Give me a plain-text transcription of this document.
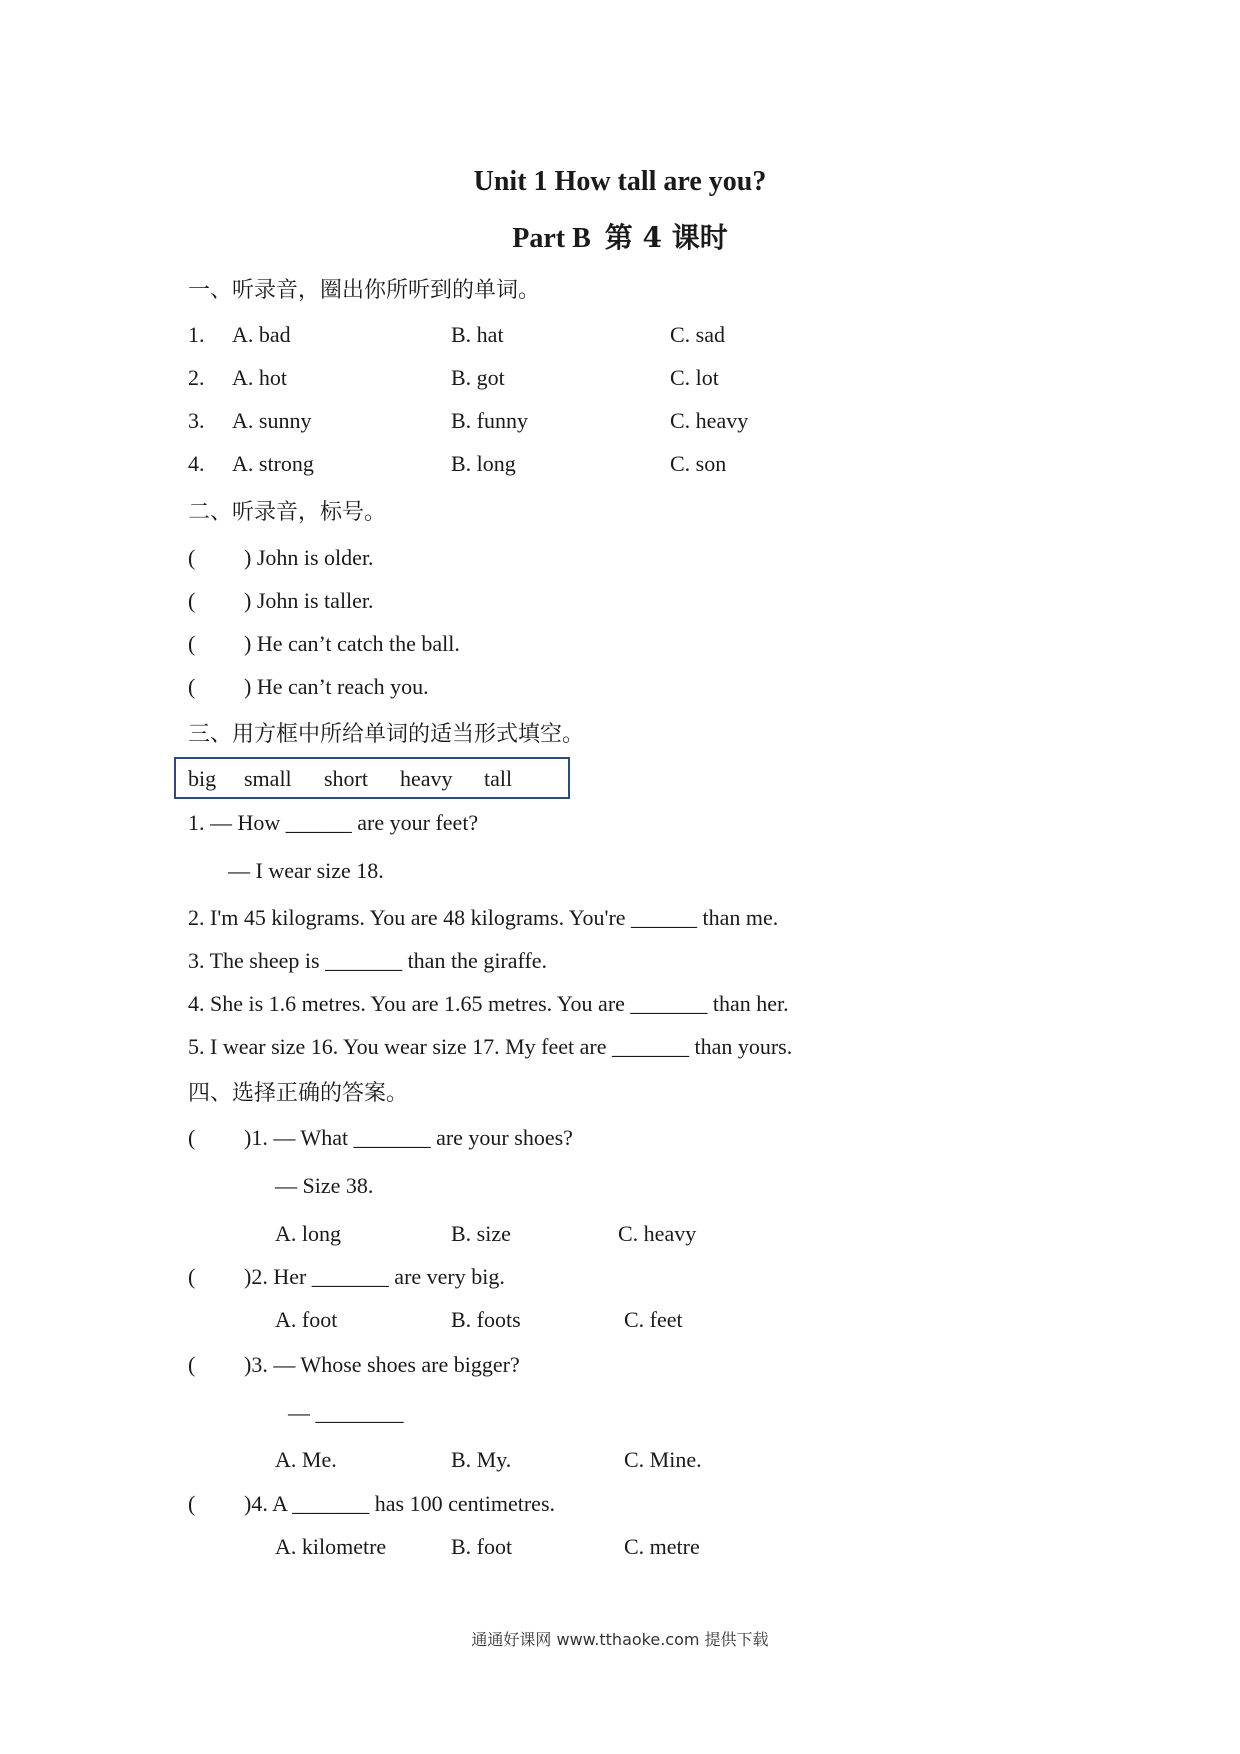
Unit 1 How tall are you?
Part B 第 4 课时
一、听录音，圈出你所听到的单词。
1. A. bad	B. hat	C. sad
2. A. hot	B. got	C. lot
3. A. sunny	B. funny	C. heavy
4. A. strong	B. long	C. son
二、听录音，标号。
( ) John is older.
( ) John is taller.
( ) He can’t catch the ball.
( ) He can’t reach you.
三、用方框中所给单词的适当形式填空。
big small short heavy tall
1. — How ______ are your feet?
— I wear size 18.
2. I'm 45 kilograms. You are 48 kilograms. You're ______ than me.
3. The sheep is _______ than the giraffe.
4. She is 1.6 metres. You are 1.65 metres. You are _______ than her.
5. I wear size 16. You wear size 17. My feet are _______ than yours.
四、选择正确的答案。
( )1. — What _______ are your shoes?
— Size 38.
A. long	B. size	C. heavy
( )2. Her _______ are very big.
A. foot	B. foots	C. feet
( )3. — Whose shoes are bigger?
— ________
A. Me.	B. My.	C. Mine.
( )4. A _______ has 100 centimetres.
A. kilometre	B. foot	C. metre
通通好课网 www.tthaoke.com 提供下载
